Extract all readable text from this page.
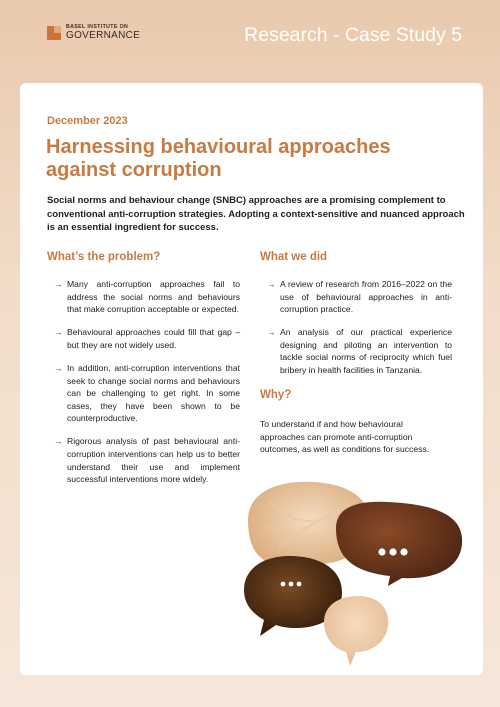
BASEL INSTITUTE ON
GOVERNANCE	Research - Case Study 5
December 2023
Harnessing behavioural approaches against corruption
Social norms and behaviour change (SNBC) approaches are a promising complement to conventional anti-corruption strategies. Adopting a context-sensitive and nuanced approach is an essential ingredient for success.
What’s the problem?
→ Many anti-corruption approaches fail to address the social norms and behaviours that make corruption acceptable or expected.
→ Behavioural approaches could fill that gap – but they are not widely used.
→ In addition, anti-corruption interventions that seek to change social norms and behaviours can be challenging to get right. In some cases, they have been shown to be counterproductive.
→ Rigorous analysis of past behavioural anti-corruption interventions can help us to better understand their use and implement successful interventions more widely.
What we did
→ A review of research from 2016–2022 on the use of behavioural approaches in anti-corruption practice.
→ An analysis of our practical experience designing and piloting an intervention to tackle social norms of reciprocity which fuel bribery in health facilities in Tanzania.
Why?
To understand if and how behavioural approaches can promote anti-corruption outcomes, as well as conditions for success.
